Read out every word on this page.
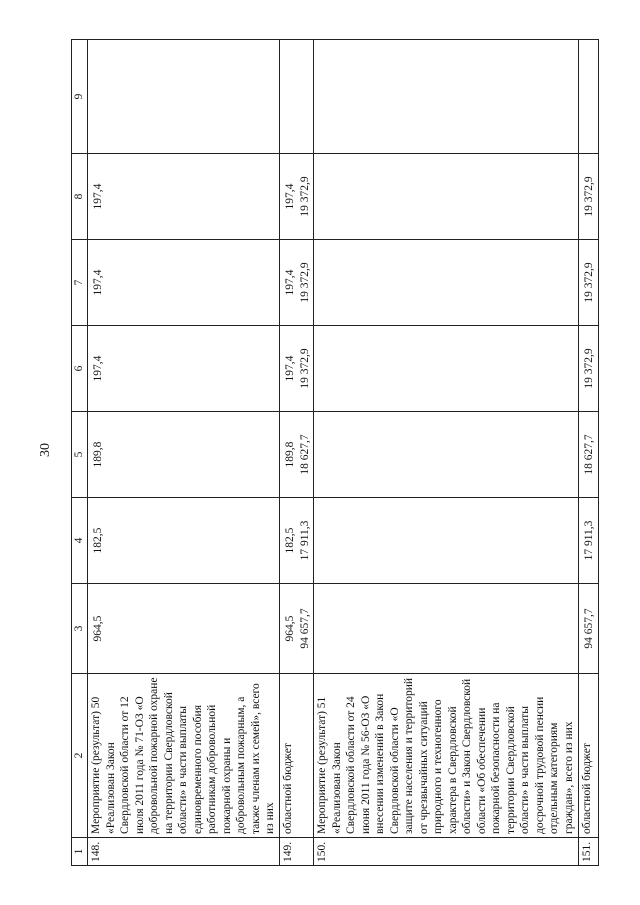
30
1	2	3	4	5	6	7	8	9
148.	Мероприятие (результат) 50 «Реализован Закон Свердловской области от 12 июля 2011 года № 71-ОЗ «О добровольной пожарной охране на территории Свердловской области» в части выплаты единовременного пособия работникам добровольной пожарной охраны и добровольным пожарным, а также членам их семей», всего из них	964,5	182,5	189,8	197,4	197,4	197,4	
149.	областной бюджет	964,5 94 657,7	182,5 17 911,3	189,8 18 627,7	197,4 19 372,9	197,4 19 372,9	197,4 19 372,9	

150.	Мероприятие (результат) 51 «Реализован Закон Свердловской области от 24 июня 2011 года № 56-ОЗ «О внесении изменений в Закон Свердловской области «О защите населения и территорий от чрезвычайных ситуаций природного и техногенного характера в Свердловской области» и Закон Свердловской области «Об обеспечении пожарной безопасности на территории Свердловской области» в части выплаты досрочной трудовой пенсии отдельным категориям граждан», всего из них							
151.	областной бюджет	94 657,7	17 911,3	18 627,7	19 372,9	19 372,9	19 372,9	
